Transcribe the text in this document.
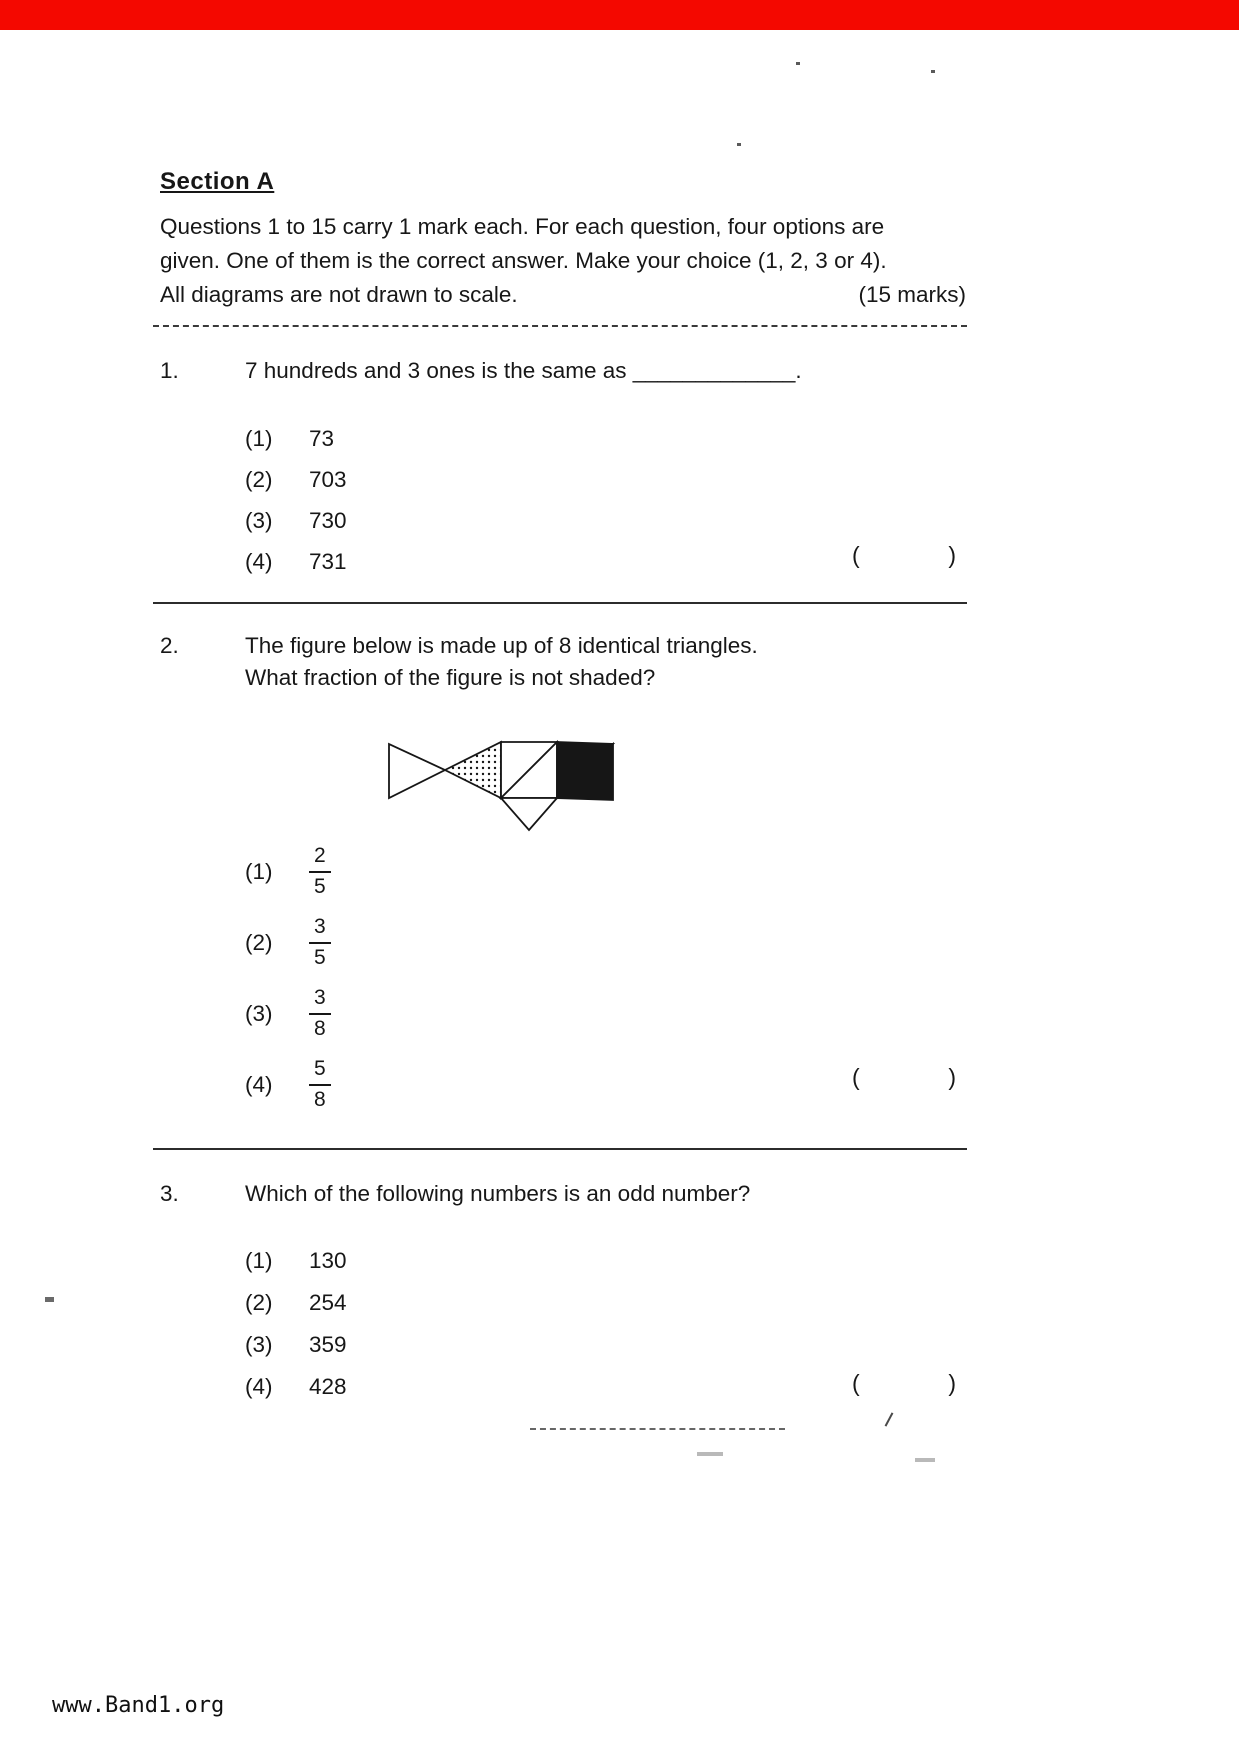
Section A
Questions 1 to 15 carry 1 mark each. For each question, four options are
given. One of them is the correct answer. Make your choice (1, 2, 3 or 4).
All diagrams are not drawn to scale.	(15 marks)
1.	7 hundreds and 3 ones is the same as _____________.
(1)	73
(2)	703
(3)	730
(4)	731	(	)
2.	The figure below is made up of 8 identical triangles.
What fraction of the figure is not shaded?
(1)	$\frac{2}{5}$
(2)	$\frac{3}{5}$
(3)	$\frac{3}{8}$
(4)	$\frac{5}{8}$	(	)
3.	Which of the following numbers is an odd number?
(1)	130
(2)	254
(3)	359
(4)	428	(	)
www.Band1.org
